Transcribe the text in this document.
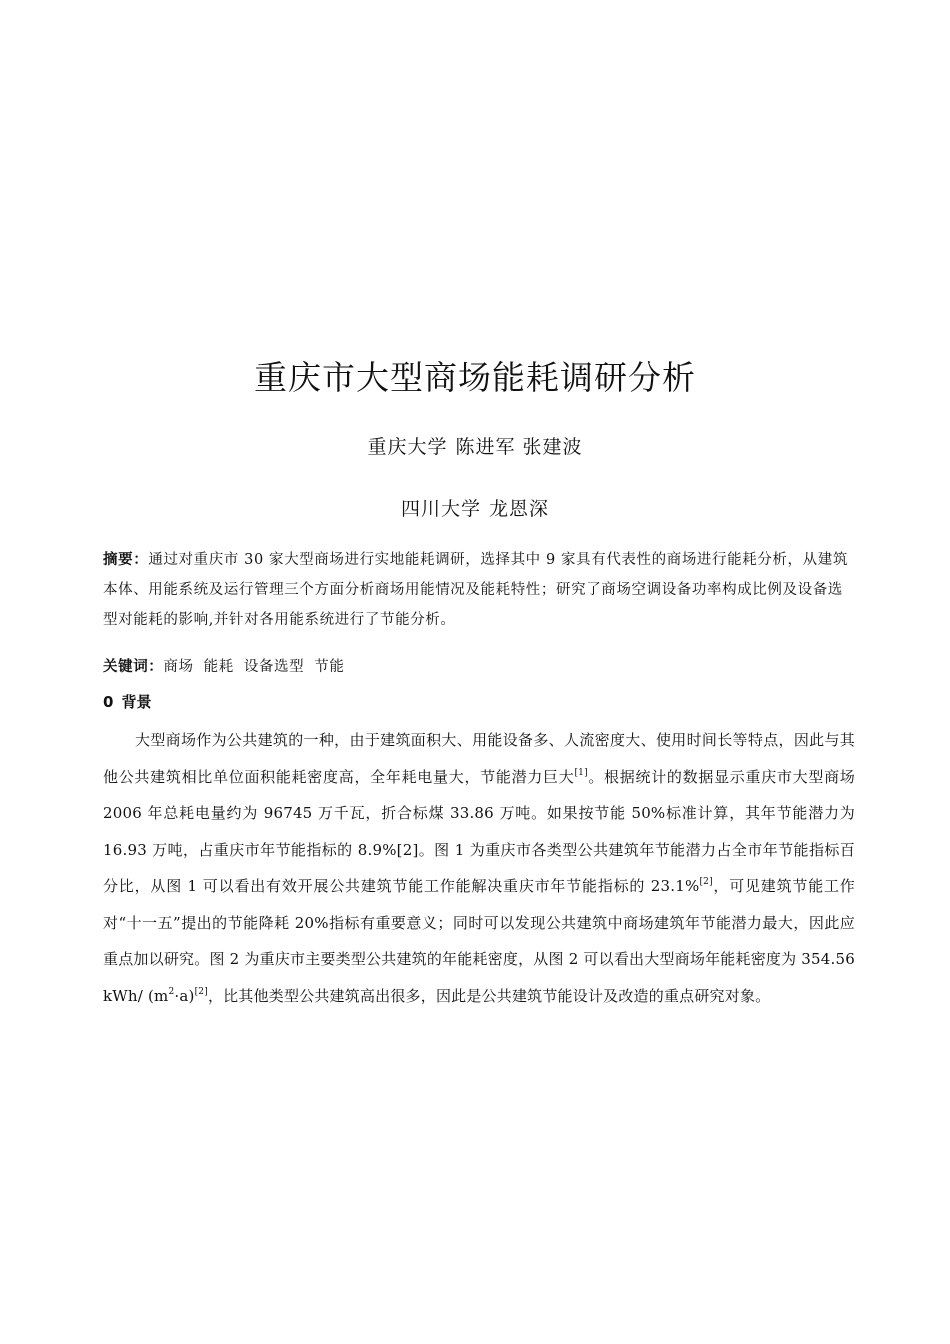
重庆市大型商场能耗调研分析
重庆大学 陈进军 张建波
四川大学 龙恩深
摘要：通过对重庆市 30 家大型商场进行实地能耗调研，选择其中 9 家具有代表性的商场进行能耗分析，从建筑本体、用能系统及运行管理三个方面分析商场用能情况及能耗特性；研究了商场空调设备功率构成比例及设备选型对能耗的影响,并针对各用能系统进行了节能分析。
关键词：商场 能耗 设备选型 节能
0 背景

大型商场作为公共建筑的一种，由于建筑面积大、用能设备多、人流密度大、使用时间长等特点，因此与其他公共建筑相比单位面积能耗密度高，全年耗电量大，节能潜力巨大[1]。根据统计的数据显示重庆市大型商场 2006 年总耗电量约为 96745 万千瓦，折合标煤 33.86 万吨。如果按节能 50%标准计算，其年节能潜力为 16.93 万吨，占重庆市年节能指标的 8.9%[2]。图 1 为重庆市各类型公共建筑年节能潜力占全市年节能指标百分比，从图 1 可以看出有效开展公共建筑节能工作能解决重庆市年节能指标的 23.1%[2]，可见建筑节能工作对“十一五”提出的节能降耗 20%指标有重要意义；同时可以发现公共建筑中商场建筑年节能潜力最大，因此应重点加以研究。图 2 为重庆市主要类型公共建筑的年能耗密度，从图 2 可以看出大型商场年能耗密度为 354.56 kWh/ $(m^2\cdot a)[2]$，比其他类型公共建筑高出很多，因此是公共建筑节能设计及改造的重点研究对象。
